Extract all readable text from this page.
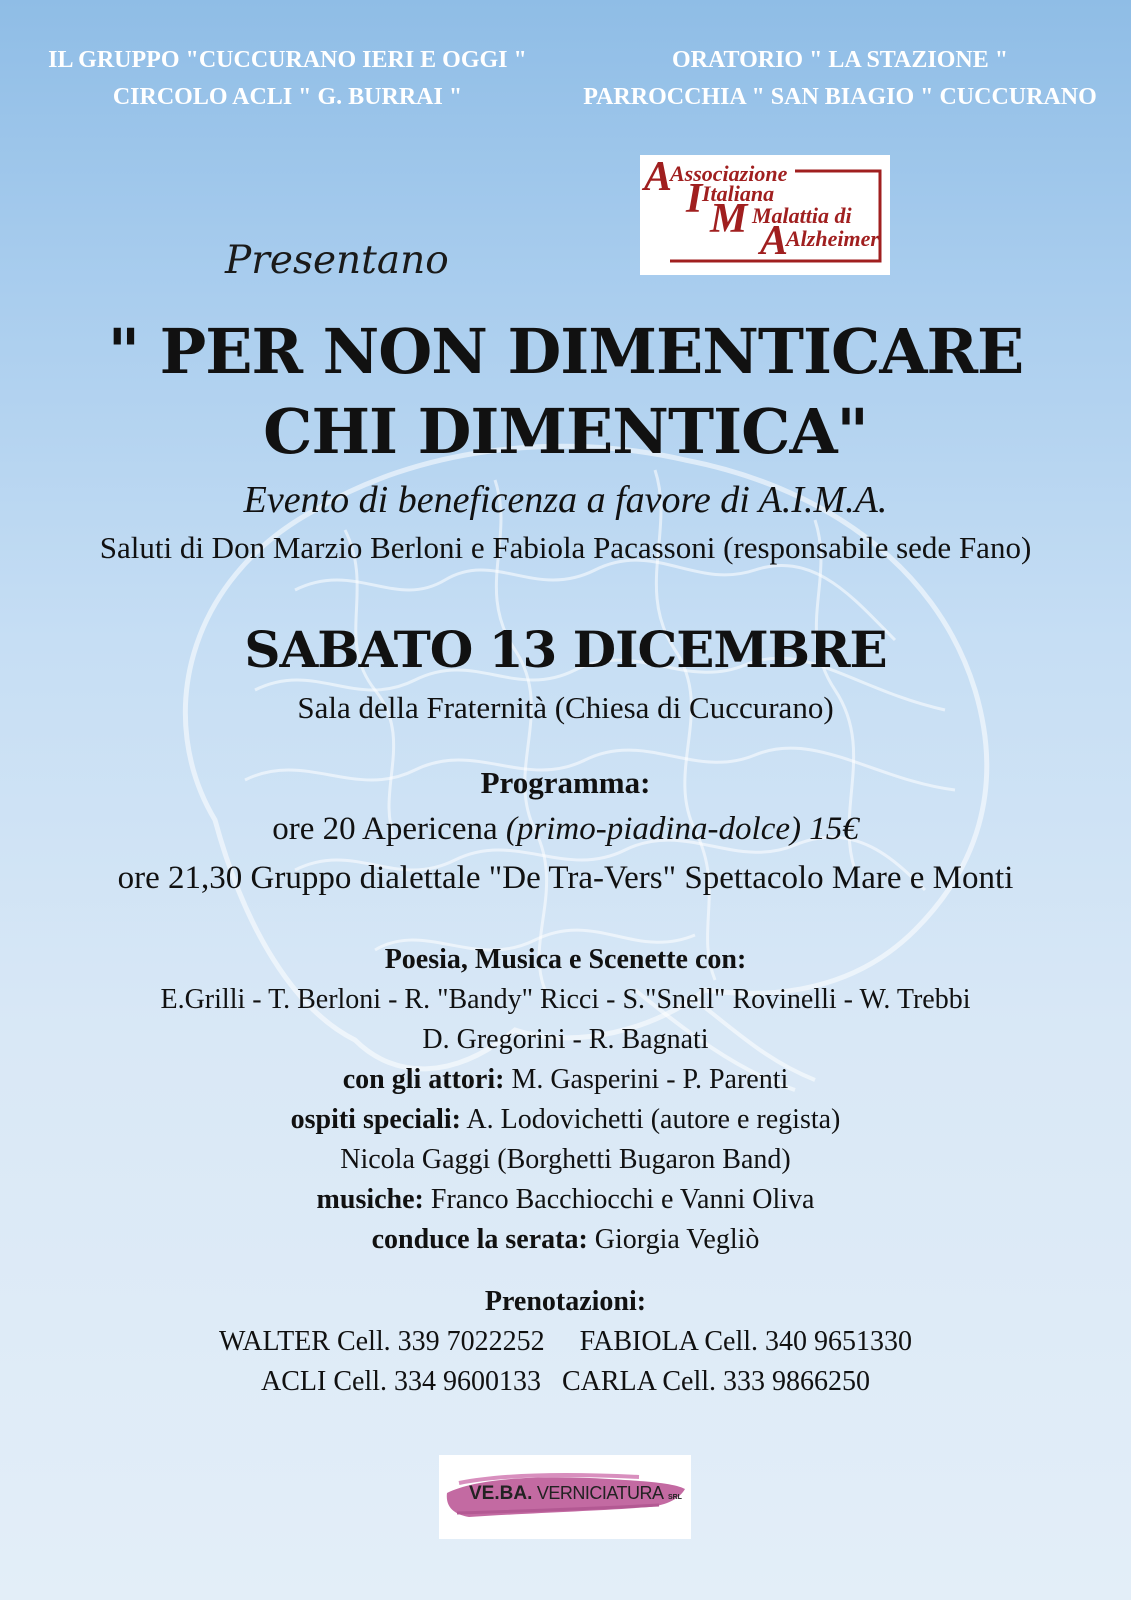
IL GRUPPO "CUCCURANO IERI E OGGI "
CIRCOLO ACLI " G. BURRAI "
ORATORIO " LA STAZIONE "
PARROCCHIA " SAN BIAGIO " CUCCURANO
A
Associazione
I Italiana
M Malattia di
A
Alzheimer
Presentano
" PER NON DIMENTICARE
CHI DIMENTICA"
Evento di beneficenza a favore di A.I.M.A.
Saluti di Don Marzio Berloni e Fabiola Pacassoni (responsabile sede Fano)
SABATO 13 DICEMBRE
Sala della Fraternità (Chiesa di Cuccurano)
Programma:
ore 20 Apericena (primo-piadina-dolce) 15€
ore 21,30 Gruppo dialettale "De Tra-Vers" Spettacolo Mare e Monti
Poesia, Musica e Scenette con:
E.Grilli - T. Berloni - R. "Bandy" Ricci - S."Snell" Rovinelli - W. Trebbi
D. Gregorini - R. Bagnati
con gli attori: M. Gasperini - P. Parenti
ospiti speciali: A. Lodovichetti (autore e regista)
Nicola Gaggi (Borghetti Bugaron Band)
musiche: Franco Bacchiocchi e Vanni Oliva
conduce la serata: Giorgia Vegliò
Prenotazioni:
WALTER Cell. 339 7022252     FABIOLA Cell. 340 9651330
ACLI Cell. 334 9600133   CARLA Cell. 333 9866250
VE.BA. VERNICIATURA SRL
